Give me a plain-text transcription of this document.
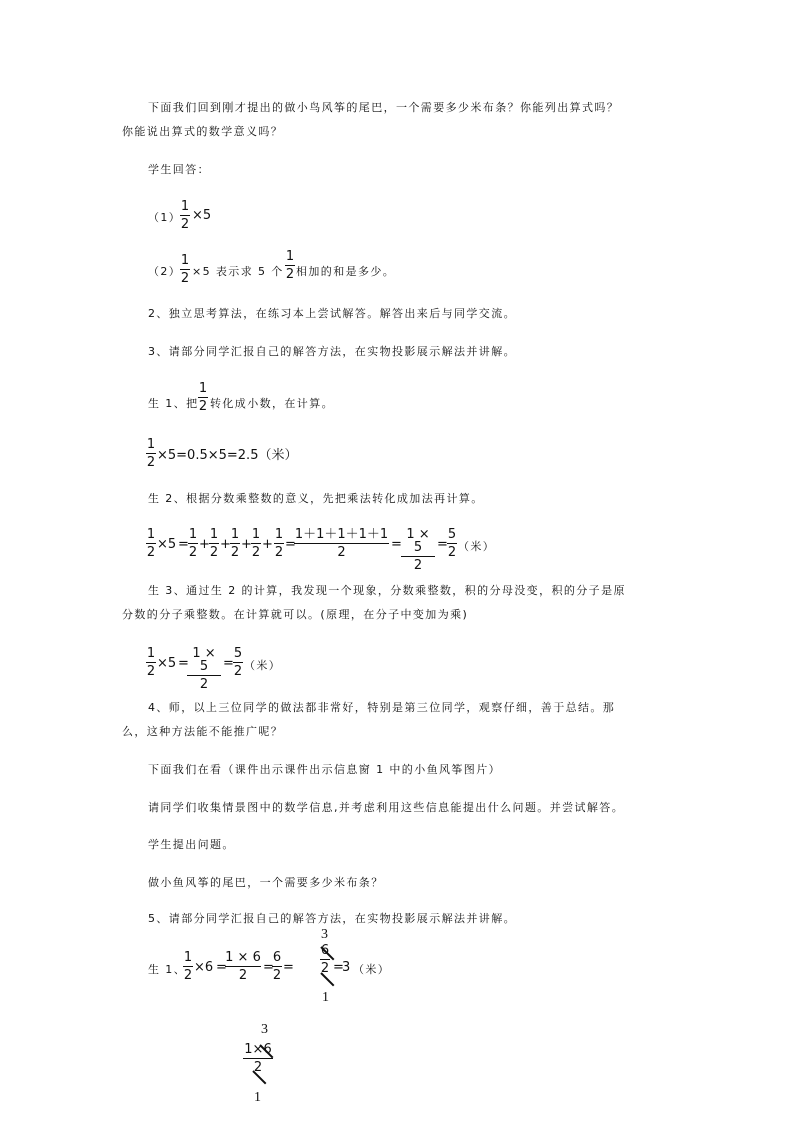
下面我们回到刚才提出的做小鸟风筝的尾巴，一个需要多少米布条？你能列出算式吗？
你能说出算式的数学意义吗？
学生回答：
（1）
1
2
×5
（2）
1
2 ×5 表示求 5 个
1
2 相加的和是多少。
2、独立思考算法，在练习本上尝试解答。解答出来后与同学交流。
3、请部分同学汇报自己的解答方法，在实物投影展示解法并讲解。
生 1、把
1
2 转化成小数，在计算。
1
2 ×5=0.5×5=2.5（米）
生 2、根据分数乘整数的意义，先把乘法转化成加法再计算。
1
2
×5 =
1
2
+
1
2
+
1
2
+
1
2
+
1
2
=
1＋1＋1＋1＋1
2
=
1 × 5
2
=
5
2 （米）
生 3、通过生 2 的计算，我发现一个现象，分数乘整数，积的分母没变，积的分子是原
分数的分子乘整数。在计算就可以。(原理，在分子中变加为乘)
1
2
×5 =
1 × 5
2
=
5
2 （米）
4、师，以上三位同学的做法都非常好，特别是第三位同学，观察仔细，善于总结。那
么，这种方法能不能推广呢？
下面我们在看（课件出示课件出示信息窗 1 中的小鱼风筝图片）
请同学们收集情景图中的数学信息,并考虑利用这些信息能提出什么问题。并尝试解答。
学生提出问题。
做小鱼风筝的尾巴，一个需要多少米布条？
5、请部分同学汇报自己的解答方法，在实物投影展示解法并讲解。
生 1、
1
2
×6 =
1 × 6
2
=
6
2
=
3
6
2 =
3 （米）
1
3
1×6
2
1
